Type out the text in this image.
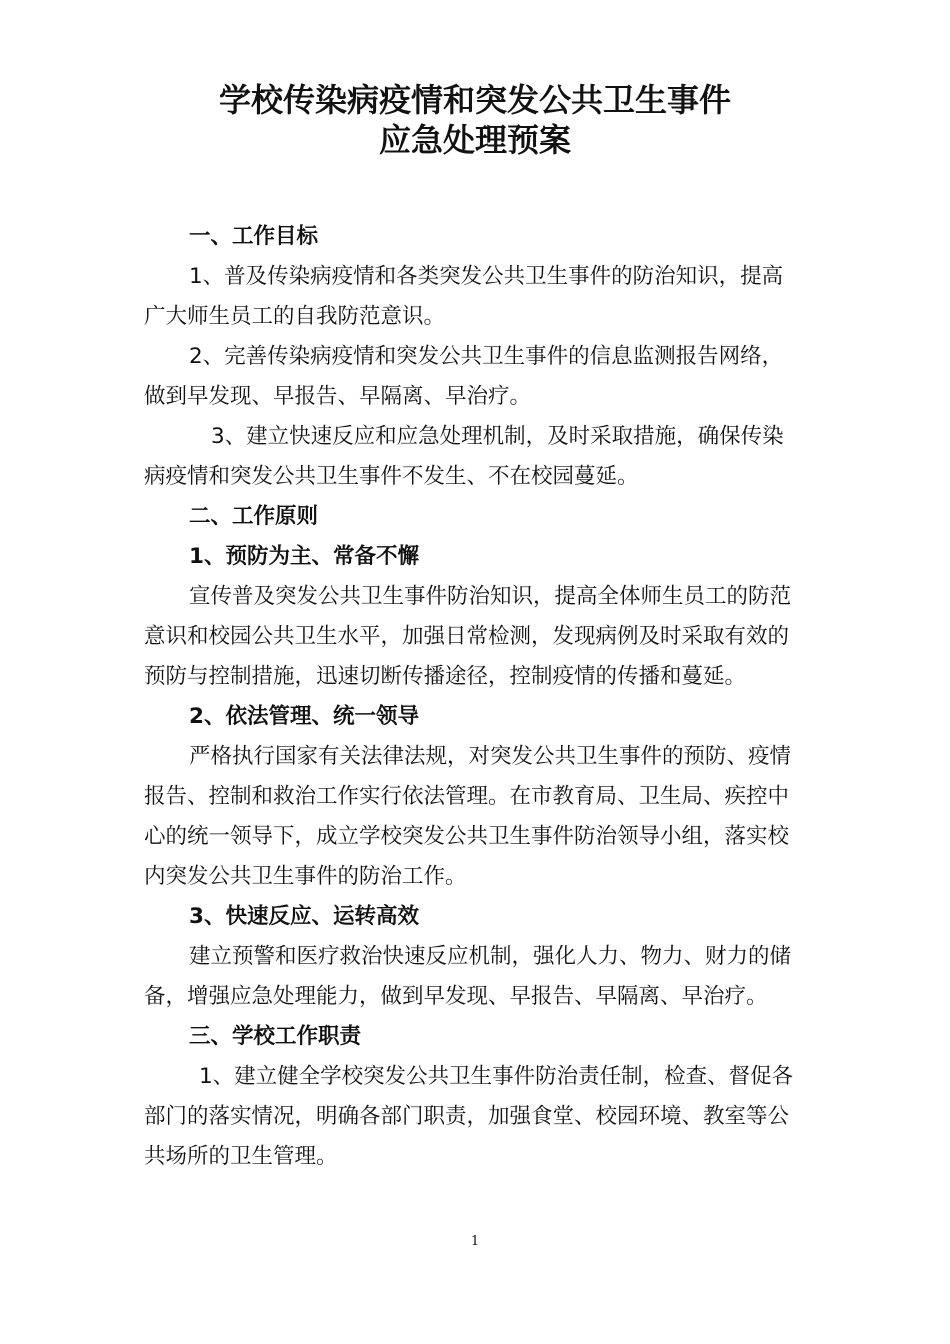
学校传染病疫情和突发公共卫生事件
应急处理预案
一、工作目标
1、普及传染病疫情和各类突发公共卫生事件的防治知识，提高
广大师生员工的自我防范意识。
2、完善传染病疫情和突发公共卫生事件的信息监测报告网络，
做到早发现、早报告、早隔离、早治疗。
3、建立快速反应和应急处理机制，及时采取措施，确保传染
病疫情和突发公共卫生事件不发生、不在校园蔓延。
二、工作原则
1、预防为主、常备不懈
宣传普及突发公共卫生事件防治知识，提高全体师生员工的防范
意识和校园公共卫生水平，加强日常检测，发现病例及时采取有效的
预防与控制措施，迅速切断传播途径，控制疫情的传播和蔓延。
2、依法管理、统一领导
严格执行国家有关法律法规，对突发公共卫生事件的预防、疫情
报告、控制和救治工作实行依法管理。在市教育局、卫生局、疾控中
心的统一领导下，成立学校突发公共卫生事件防治领导小组，落实校
内突发公共卫生事件的防治工作。
3、快速反应、运转高效
建立预警和医疗救治快速反应机制，强化人力、物力、财力的储
备，增强应急处理能力，做到早发现、早报告、早隔离、早治疗。
三、学校工作职责
1、建立健全学校突发公共卫生事件防治责任制，检查、督促各
部门的落实情况，明确各部门职责，加强食堂、校园环境、教室等公
共场所的卫生管理。
1
